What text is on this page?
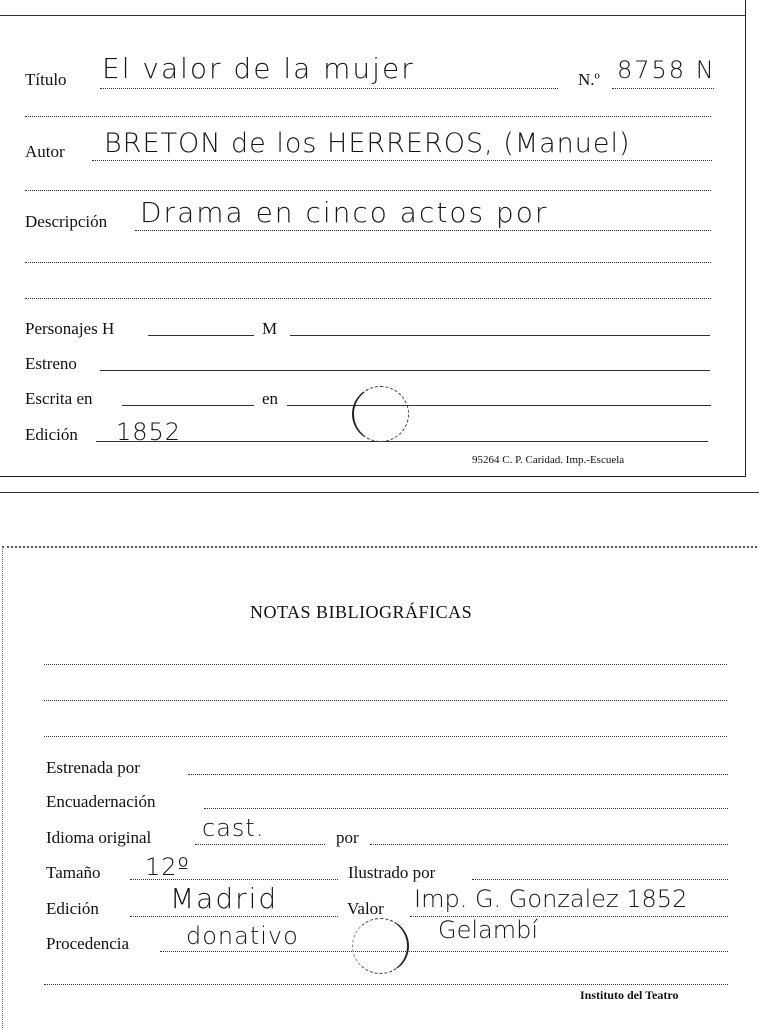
Título El valor de la mujer	N.º 8758 N
Autor BRETON de los HERREROS, (Manuel)
Descripción Drama en cinco actos por
Personajes H	M
Estreno
Escrita en	en
Edición 1852
95264 C. P. Caridad. Imp.-Escuela
NOTAS BIBLIOGRÁFICAS
Estrenada por
Encuadernación
Idioma original cast.	por
Tamaño 12º	Ilustrado por
Edición	Madrid	Valor Imp. G. Gonzalez 1852
Procedencia donativo	Gelambí
Instituto del Teatro
